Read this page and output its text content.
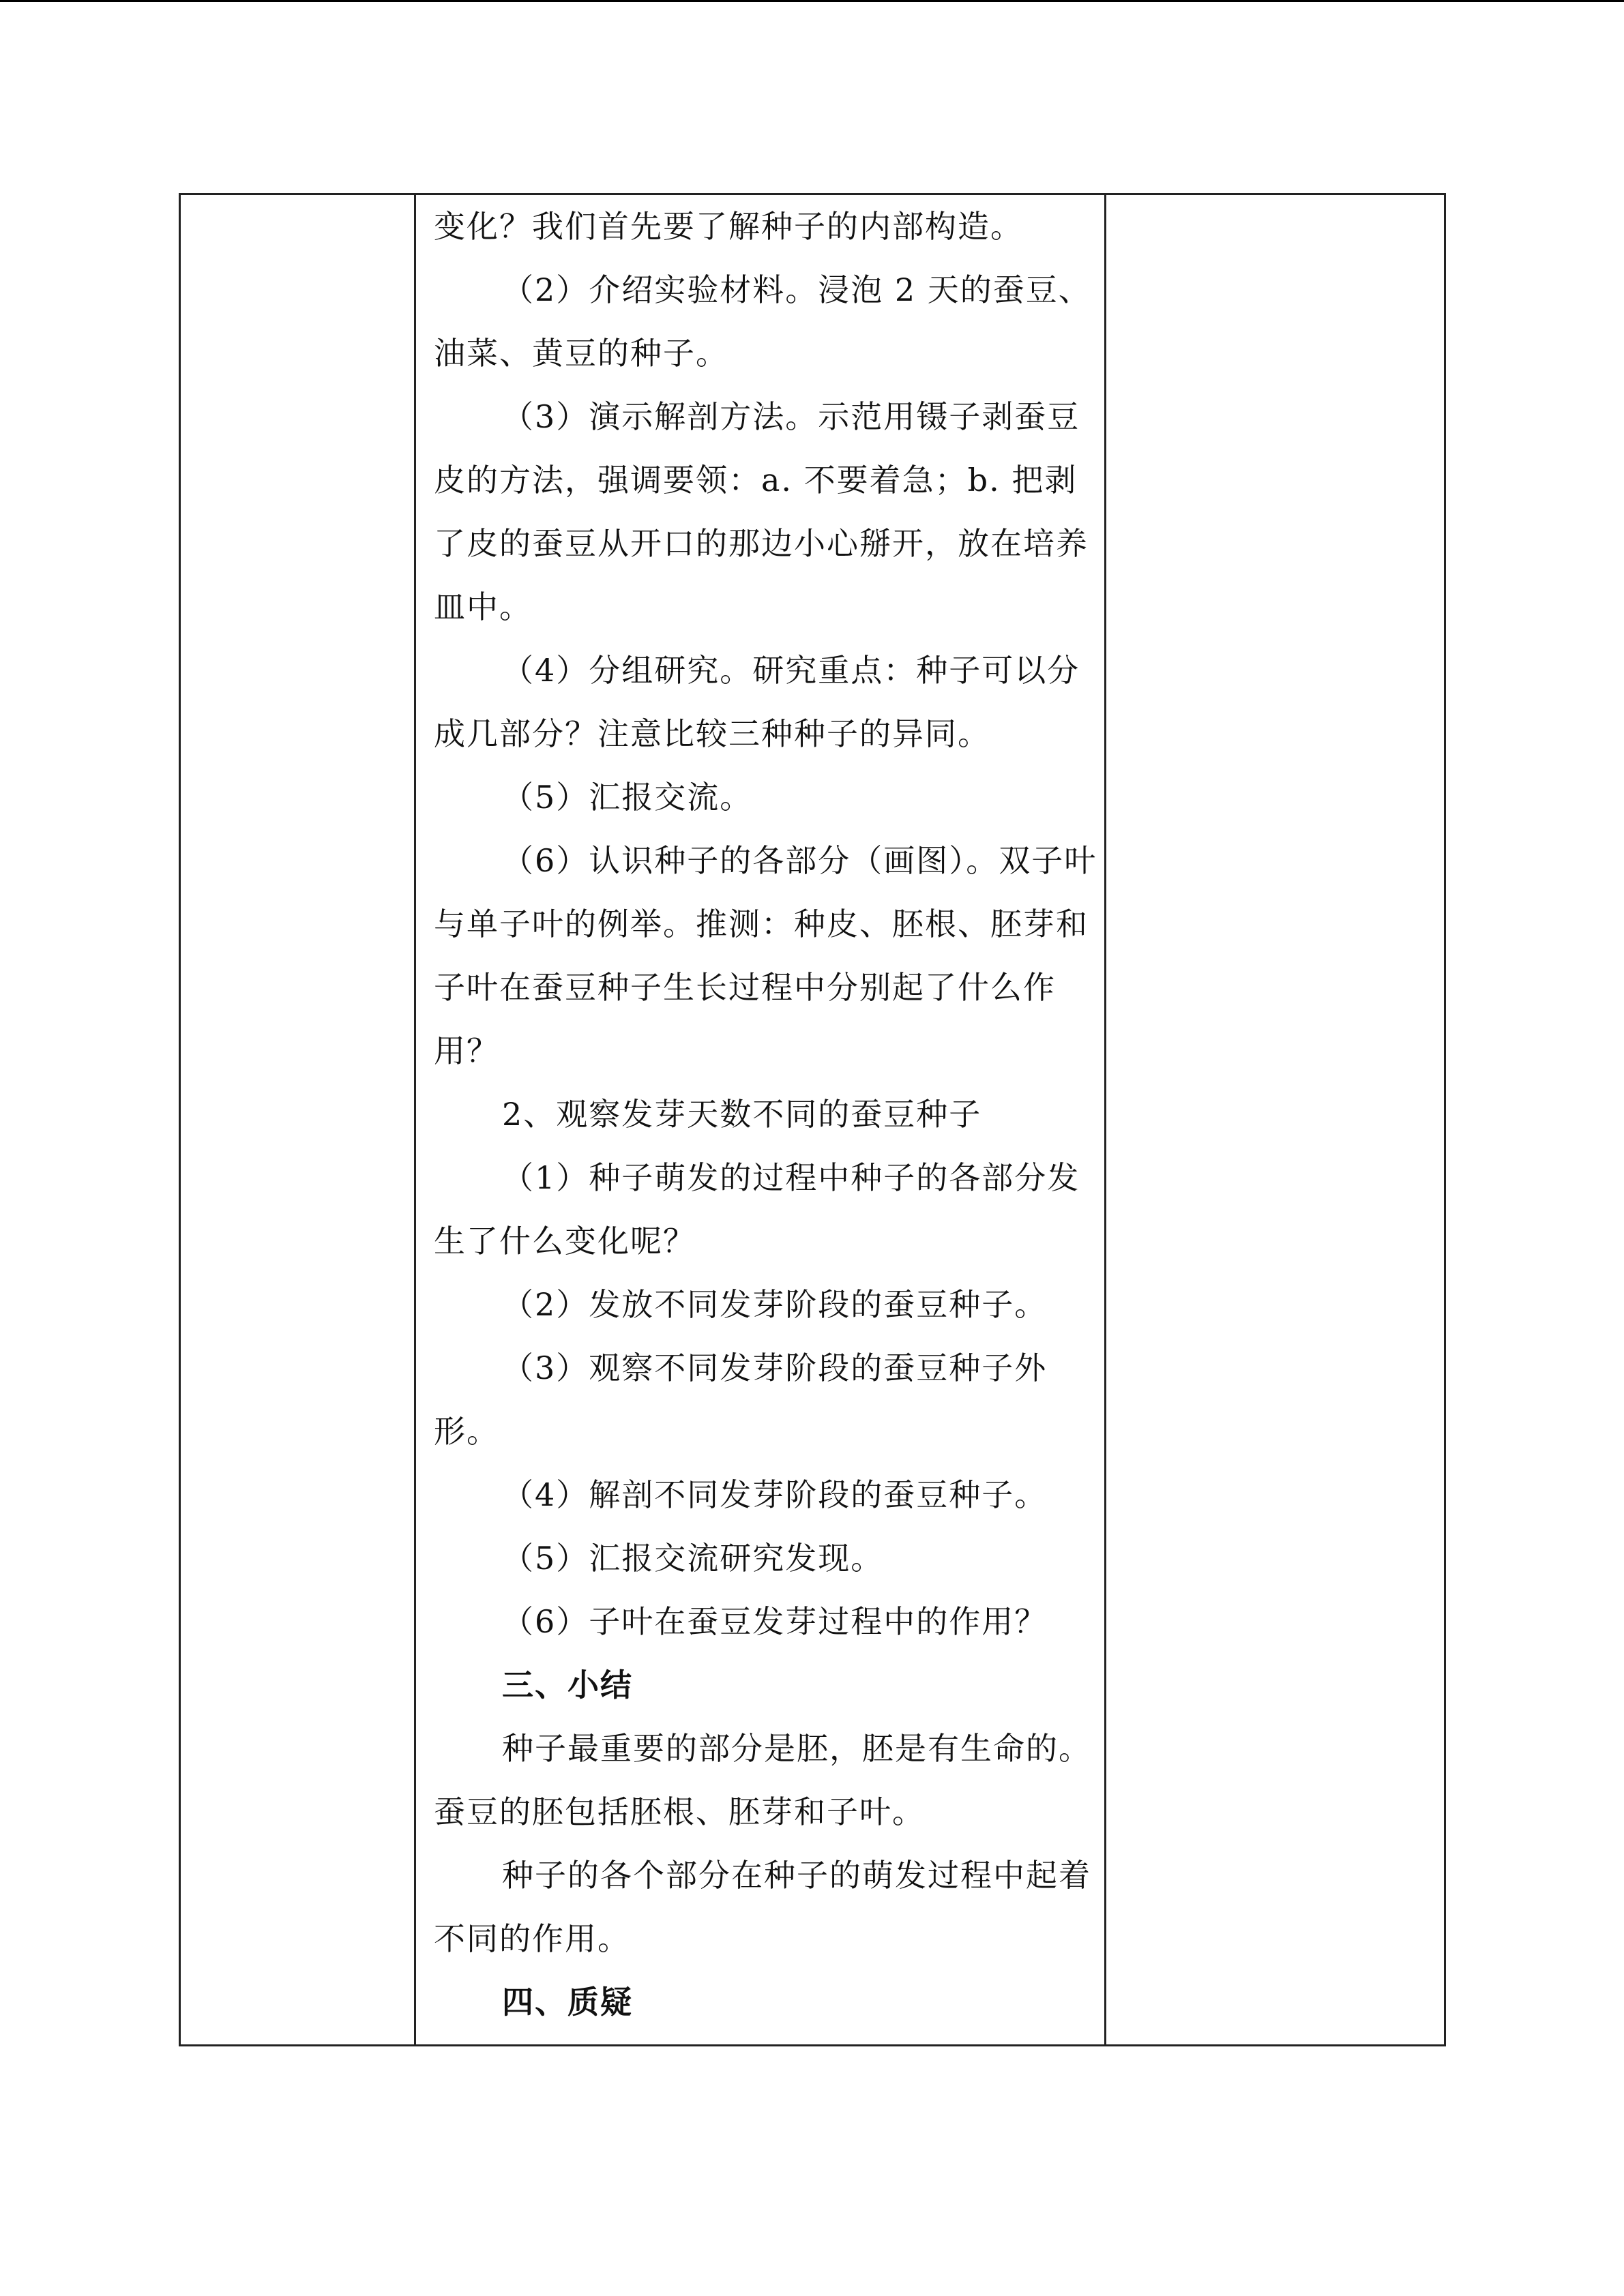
变化？我们首先要了解种子的内部构造。
（2）介绍实验材料。浸泡 2 天的蚕豆、
油菜、黄豆的种子。
（3）演示解剖方法。示范用镊子剥蚕豆
皮的方法，强调要领：a. 不要着急；b. 把剥
了皮的蚕豆从开口的那边小心掰开，放在培养
皿中。
（4）分组研究。研究重点：种子可以分
成几部分？注意比较三种种子的异同。
（5）汇报交流。
（6）认识种子的各部分（画图）。双子叶
与单子叶的例举。推测：种皮、胚根、胚芽和
子叶在蚕豆种子生长过程中分别起了什么作
用？
2、观察发芽天数不同的蚕豆种子
（1）种子萌发的过程中种子的各部分发
生了什么变化呢？
（2）发放不同发芽阶段的蚕豆种子。
（3）观察不同发芽阶段的蚕豆种子外
形。
（4）解剖不同发芽阶段的蚕豆种子。
（5）汇报交流研究发现。
（6）子叶在蚕豆发芽过程中的作用？
三、小结
种子最重要的部分是胚，胚是有生命的。
蚕豆的胚包括胚根、胚芽和子叶。
种子的各个部分在种子的萌发过程中起着
不同的作用。
四、质疑
